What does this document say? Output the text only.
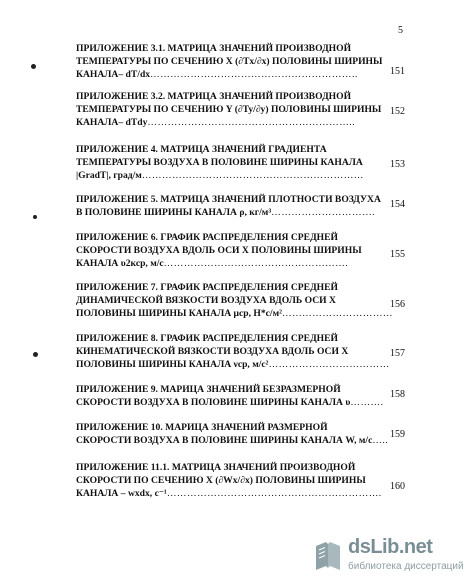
5
ПРИЛОЖЕНИЕ 3.1. МАТРИЦА ЗНАЧЕНИЙ ПРОИЗВОДНОЙ
ТЕМПЕРАТУРЫ ПО СЕЧЕНИЮ X (∂Tx/∂x) ПОЛОВИНЫ ШИРИНЫ
КАНАЛА– dT/dx……………………………………………………..	151
ПРИЛОЖЕНИЕ 3.2. МАТРИЦА ЗНАЧЕНИЙ ПРОИЗВОДНОЙ
ТЕМПЕРАТУРЫ ПО СЕЧЕНИЮ Y (∂Ty/∂y) ПОЛОВИНЫ ШИРИНЫ
КАНАЛА– dTdy……………………………………………………..
152
ПРИЛОЖЕНИЕ 4. МАТРИЦА ЗНАЧЕНИЙ ГРАДИЕНТА
ТЕМПЕРАТУРЫ ВОЗДУХА В ПОЛОВИНЕ ШИРИНЫ КАНАЛА
|GradT|, град/м…………………………………………………………
153
ПРИЛОЖЕНИЕ 5. МАТРИЦА ЗНАЧЕНИЙ ПЛОТНОСТИ ВОЗДУХА
В ПОЛОВИНЕ ШИРИНЫ КАНАЛА ρ, кг/м³………………………….
154
ПРИЛОЖЕНИЕ 6. ГРАФИК РАСПРЕДЕЛЕНИЯ СРЕДНЕЙ
СКОРОСТИ ВОЗДУХА ВДОЛЬ ОСИ X ПОЛОВИНЫ ШИРИНЫ
КАНАЛА υ2кср, м/с……………………………………………….
155
ПРИЛОЖЕНИЕ 7. ГРАФИК РАСПРЕДЕЛЕНИЯ СРЕДНЕЙ
ДИНАМИЧЕСКОЙ ВЯЗКОСТИ ВОЗДУХА ВДОЛЬ ОСИ X
ПОЛОВИНЫ ШИРИНЫ КАНАЛА μср, Н*с/м²……………………………
156
ПРИЛОЖЕНИЕ 8. ГРАФИК РАСПРЕДЕЛЕНИЯ СРЕДНЕЙ
КИНЕМАТИЧЕСКОЙ ВЯЗКОСТИ ВОЗДУХА ВДОЛЬ ОСИ X
ПОЛОВИНЫ ШИРИНЫ КАНАЛА νср, м/с²………………………………
157
ПРИЛОЖЕНИЕ 9. МАРИЦА ЗНАЧЕНИЙ БЕЗРАЗМЕРНОЙ
СКОРОСТИ ВОЗДУХА В ПОЛОВИНЕ ШИРИНЫ КАНАЛА υ……….
158
ПРИЛОЖЕНИЕ 10. МАРИЦА ЗНАЧЕНИЙ РАЗМЕРНОЙ
СКОРОСТИ ВОЗДУХА В ПОЛОВИНЕ ШИРИНЫ КАНАЛА W, м/с…..
159
ПРИЛОЖЕНИЕ 11.1. МАТРИЦА ЗНАЧЕНИЙ ПРОИЗВОДНОЙ
СКОРОСТИ ПО СЕЧЕНИЮ X (∂Wx/∂x) ПОЛОВИНЫ ШИРИНЫ
КАНАЛА – wxdx, с⁻¹……………………………………………………….
160
dsLib.net
библиотека диссертаций
